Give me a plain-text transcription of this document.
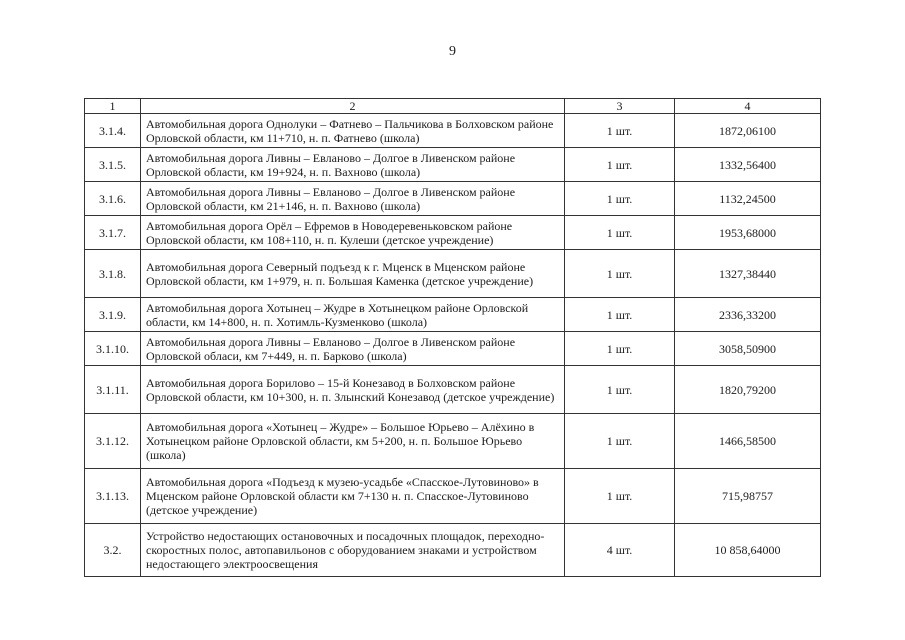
9
1	2	3	4
3.1.4.	Автомобильная дорога Однолуки – Фатнево – Пальчикова в Болховском районе Орловской области, км 11+710, н. п. Фатнево (школа)	1 шт.	1872,06100
3.1.5.	Автомобильная дорога Ливны – Евланово – Долгое в Ливенском районе Орловской области, км 19+924, н. п. Вахново (школа)	1 шт.	1332,56400
3.1.6.	Автомобильная дорога Ливны – Евланово – Долгое в Ливенском районе Орловской области, км 21+146, н. п. Вахново (школа)	1 шт.	1132,24500
3.1.7.	Автомобильная дорога Орёл – Ефремов в Новодеревеньковском районе Орловской области, км 108+110, н. п. Кулеши (детское учреждение)	1 шт.	1953,68000
3.1.8.	Автомобильная дорога Северный подъезд к г. Мценск в Мценском районе Орловской области, км 1+979, н. п. Большая Каменка (детское учреждение)	1 шт.	1327,38440
3.1.9.	Автомобильная дорога Хотынец – Жудре в Хотынецком районе Орловской области, км 14+800, н. п. Хотимль-Кузменково (школа)	1 шт.	2336,33200
3.1.10.	Автомобильная дорога Ливны – Евланово – Долгое в Ливенском районе Орловской обласи, км 7+449, н. п. Барково (школа)	1 шт.	3058,50900
3.1.11.	Автомобильная дорога Борилово – 15-й Конезавод в Болховском районе Орловской области, км 10+300, н. п. Злынский Конезавод (детское учреждение)	1 шт.	1820,79200
3.1.12.	Автомобильная дорога «Хотынец – Жудре» – Большое Юрьево – Алёхино в Хотынецком районе Орловской области, км 5+200, н. п. Большое Юрьево (школа)	1 шт.	1466,58500
3.1.13.	Автомобильная дорога «Подъезд к музею-усадьбе «Спасское-Лутовиново» в Мценском районе Орловской области км 7+130 н. п. Спасское-Лутовиново (детское учреждение)	1 шт.	715,98757
3.2.	Устройство недостающих остановочных и посадочных площадок, переходно-скоростных полос, автопавильонов с оборудованием знаками и устройством недостающего электроосвещения	4 шт.	10 858,64000
